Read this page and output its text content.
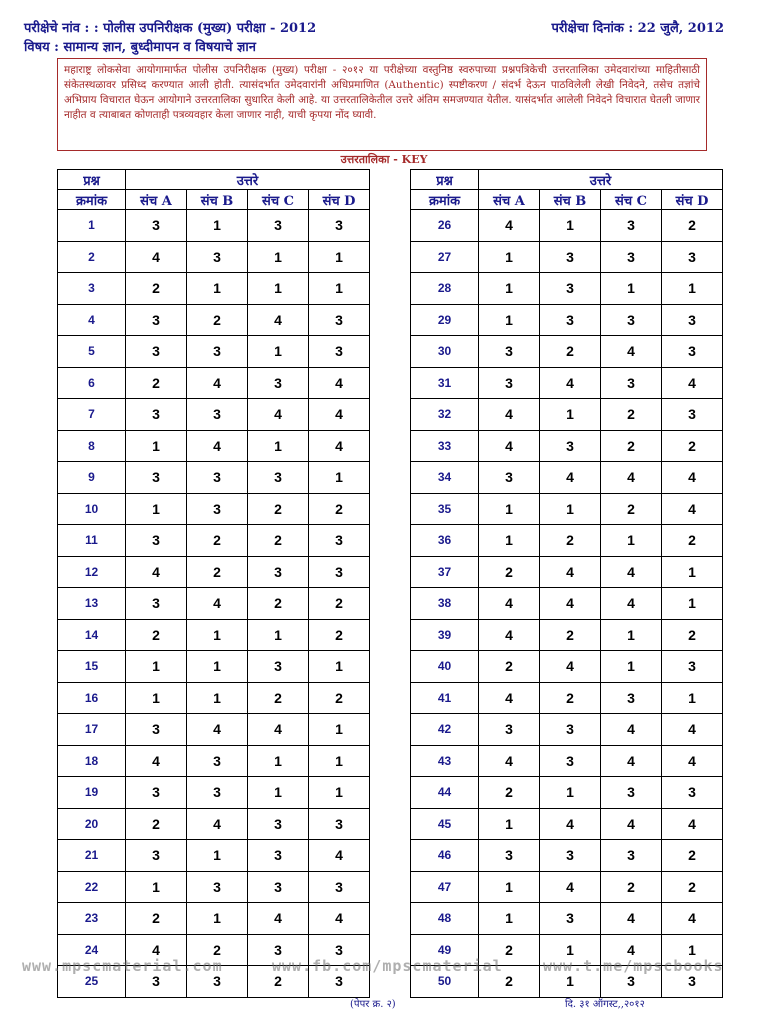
परीक्षेचे नांव : : पोलीस उपनिरीक्षक (मुख्य) परीक्षा - 2012	परीक्षेचा दिनांक : 22 जुलै, 2012
विषय : सामान्य ज्ञान, बुध्दीमापन व विषयाचे ज्ञान
महाराष्ट्र लोकसेवा आयोगामार्फत पोलीस उपनिरीक्षक (मुख्य) परीक्षा - २०१२ या परीक्षेच्या वस्तुनिष्ठ स्वरुपाच्या प्रश्नपत्रिकेची उत्तरतालिका उमेदवारांच्या माहितीसाठी संकेतस्थळावर प्रसिध्द करण्यात आली होती. त्यासंदर्भात उमेदवारांनी अधिप्रमाणित (Authentic) स्पष्टीकरण / संदर्भ देऊन पाठविलेली लेखी निवेदने, तसेच तज्ञांचे अभिप्राय विचारात घेऊन आयोगाने उत्तरतालिका सुधारित केली आहे. या उत्तरतालिकेतील उत्तरे अंतिम समजण्यात येतील. यासंदर्भात आलेली निवेदने विचारात घेतली जाणार नाहीत व त्याबाबत कोणताही पत्रव्यवहार केला जाणार नाही, याची कृपया नोंद घ्यावी.
उत्तरतालिका - KEY
प्रश्न	उत्तरे			
क्रमांक	संच A	संच B	संच C	संच D
1	3	1	3	3
2	4	3	1	1
3	2	1	1	1
4	3	2	4	3
5	3	3	1	3
6	2	4	3	4
7	3	3	4	4
8	1	4	1	4
9	3	3	3	1
10	1	3	2	2
11	3	2	2	3
12	4	2	3	3
13	3	4	2	2
14	2	1	1	2
15	1	1	3	1
16	1	1	2	2
17	3	4	4	1
18	4	3	1	1
19	3	3	1	1
20	2	4	3	3
21	3	1	3	4
22	1	3	3	3
23	2	1	4	4
24	4	2	3	3
25	3	3	2	3
प्रश्न	उत्तरे			
क्रमांक	संच A	संच B	संच C	संच D
26	4	1	3	2
27	1	3	3	3
28	1	3	1	1
29	1	3	3	3
30	3	2	4	3
31	3	4	3	4
32	4	1	2	3
33	4	3	2	2
34	3	4	4	4
35	1	1	2	4
36	1	2	1	2
37	2	4	4	1
38	4	4	4	1
39	4	2	1	2
40	2	4	1	3
41	4	2	3	1
42	3	3	4	4
43	4	3	4	4
44	2	1	3	3
45	1	4	4	4
46	3	3	3	2
47	1	4	2	2
48	1	3	4	4
49	2	1	4	1
50	2	1	3	3
www.mpscmaterial.com	www.fb.com/mpscmaterial	www.t.me/mpscbooks
(पेपर क्र. २)	दि. ३१ ऑगस्ट,,२०१२
